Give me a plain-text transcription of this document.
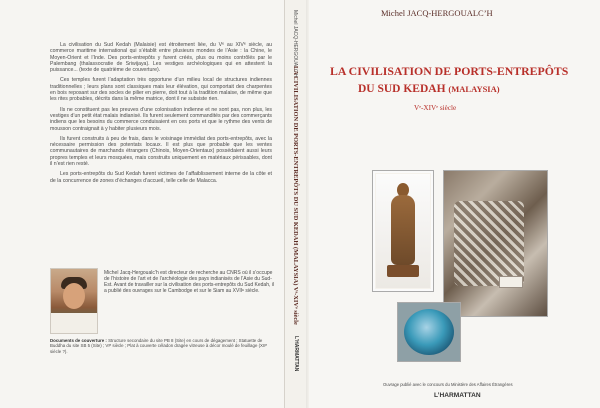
La civilisation du Sud Kedah (Malaisie) est étroitement liée, du Vᵉ au XIVᵉ siècle, au commerce maritime international qui s’établit entre plusieurs mondes de l’Asie : la Chine, le Moyen-Orient et l’Inde. Des ports-entrepôts y furent créés, plus ou moins contrôlés par le Palembang (thalassocratie de Sriwijaya). Les vestiges archéologiques qui en attestent la puissance... (texte de quatrième de couverture).

Ces temples furent l’adaptation très opportune d’un milieu local de structures indiennes traditionnelles ; leurs plans sont classiques mais leur élévation, qui comportait des charpentes en bois reposant sur des socles de pilier en pierre, doit tout à la tradition malaise, de même que les rites probables, décrits dans la même matrice, dont il ne subsiste rien.

Ils ne constituent pas les preuves d’une colonisation indienne et ne sont pas, non plus, les vestiges d’un petit état malais indianisé. Ils furent seulement commandités par des commerçants indiens que les besoins du commerce conduisaient en ces ports et que le rythme des vents de mousson contraignait à y habiter plusieurs mois.

Ils furent construits à peu de frais, dans le voisinage immédiat des ports-entrepôts, avec la nécessaire permission des potentats locaux. Il est plus que probable que les ventes communautaires de marchands étrangers (Chinois, Moyen-Orientaux) possédaient aussi leurs propres temples et leurs mosquées, mais construits uniquement en matériaux périssables, dont il n’est rien resté.

Les ports-entrepôts du Sud Kedah furent victimes de l’affaiblissement interne de la côte et de la concurrence de zones d’échanges d’accueil, telle celle de Malacca.

Michel Jacq-Hergoualc’h est directeur de recherche au CNRS où il s’occupe de l’histoire de l’art et de l’archéologie des pays indianisés de l’Asie du Sud-Est. Avant de travailler sur la civilisation des ports-entrepôts du Sud Kedah, il a publié des ouvrages sur le Cambodge et sur le Siam au XVIIᵉ siècle.
Documents de couverture : Structure secondaire du site PB 8 (Site) en cours de dégagement ; Statuette de Buddha du site SB 5 (Site) ; VIᵉ siècle ; Plat à couverte céladon dragée vitreuse à décor moulé de feuillage (XIIᵉ siècle ?).
Michel JACQ-HERGOUALC’H
LA CIVILISATION DE PORTS-ENTREPÔTS DU SUD KEDAH (MALAYSIA) Vᵉ-XIVᵉ siècle
L’HARMATTAN
Michel JACQ-HERGOUALC’H
LA CIVILISATION DE PORTS-ENTREPÔTS
DU SUD KEDAH (MALAYSIA)
Vᵉ-XIVᵉ siècle
Ouvrage publié avec le concours du Ministère des Affaires Étrangères
L’HARMATTAN
